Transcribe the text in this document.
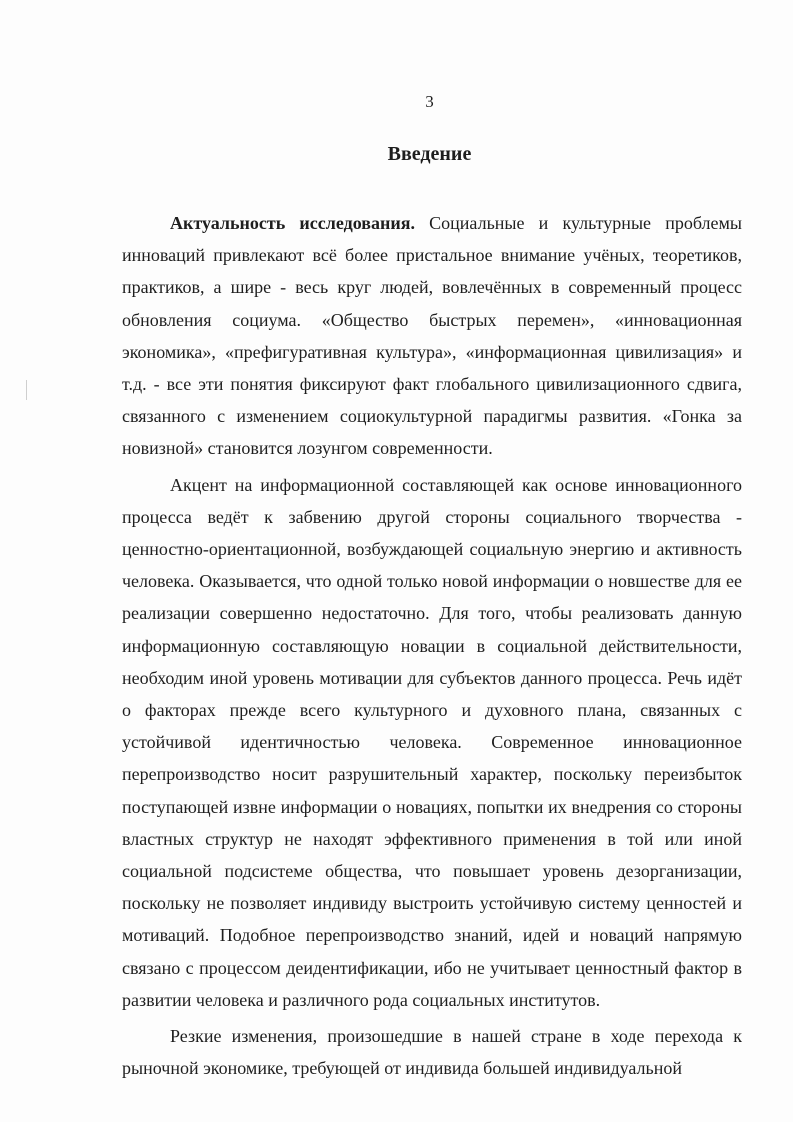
3
Введение

Актуальность исследования. Социальные и культурные проблемы инноваций привлекают всё более пристальное внимание учёных, теоретиков, практиков, а шире - весь круг людей, вовлечённых в современный процесс обновления социума. «Общество быстрых перемен», «инновационная экономика», «префигуративная культура», «информационная цивилизация» и т.д. - все эти понятия фиксируют факт глобального цивилизационного сдвига, связанного с изменением социокультурной парадигмы развития. «Гонка за новизной» становится лозунгом современности.

Акцент на информационной составляющей как основе инновационного процесса ведёт к забвению другой стороны социального творчества - ценностно-ориентационной, возбуждающей социальную энергию и активность человека. Оказывается, что одной только новой информации о новшестве для ее реализации совершенно недостаточно. Для того, чтобы реализовать данную информационную составляющую новации в социальной действительности, необходим иной уровень мотивации для субъектов данного процесса. Речь идёт о факторах прежде всего культурного и духовного плана, связанных с устойчивой идентичностью человека. Современное инновационное перепроизводство носит разрушительный характер, поскольку переизбыток поступающей извне информации о новациях, попытки их внедрения со стороны властных структур не находят эффективного применения в той или иной социальной подсистеме общества, что повышает уровень дезорганизации, поскольку не позволяет индивиду выстроить устойчивую систему ценностей и мотиваций. Подобное перепроизводство знаний, идей и новаций напрямую связано с процессом деидентификации, ибо не учитывает ценностный фактор в развитии человека и различного рода социальных институтов.

Резкие изменения, произошедшие в нашей стране в ходе перехода к рыночной экономике, требующей от индивида большей индивидуальной
